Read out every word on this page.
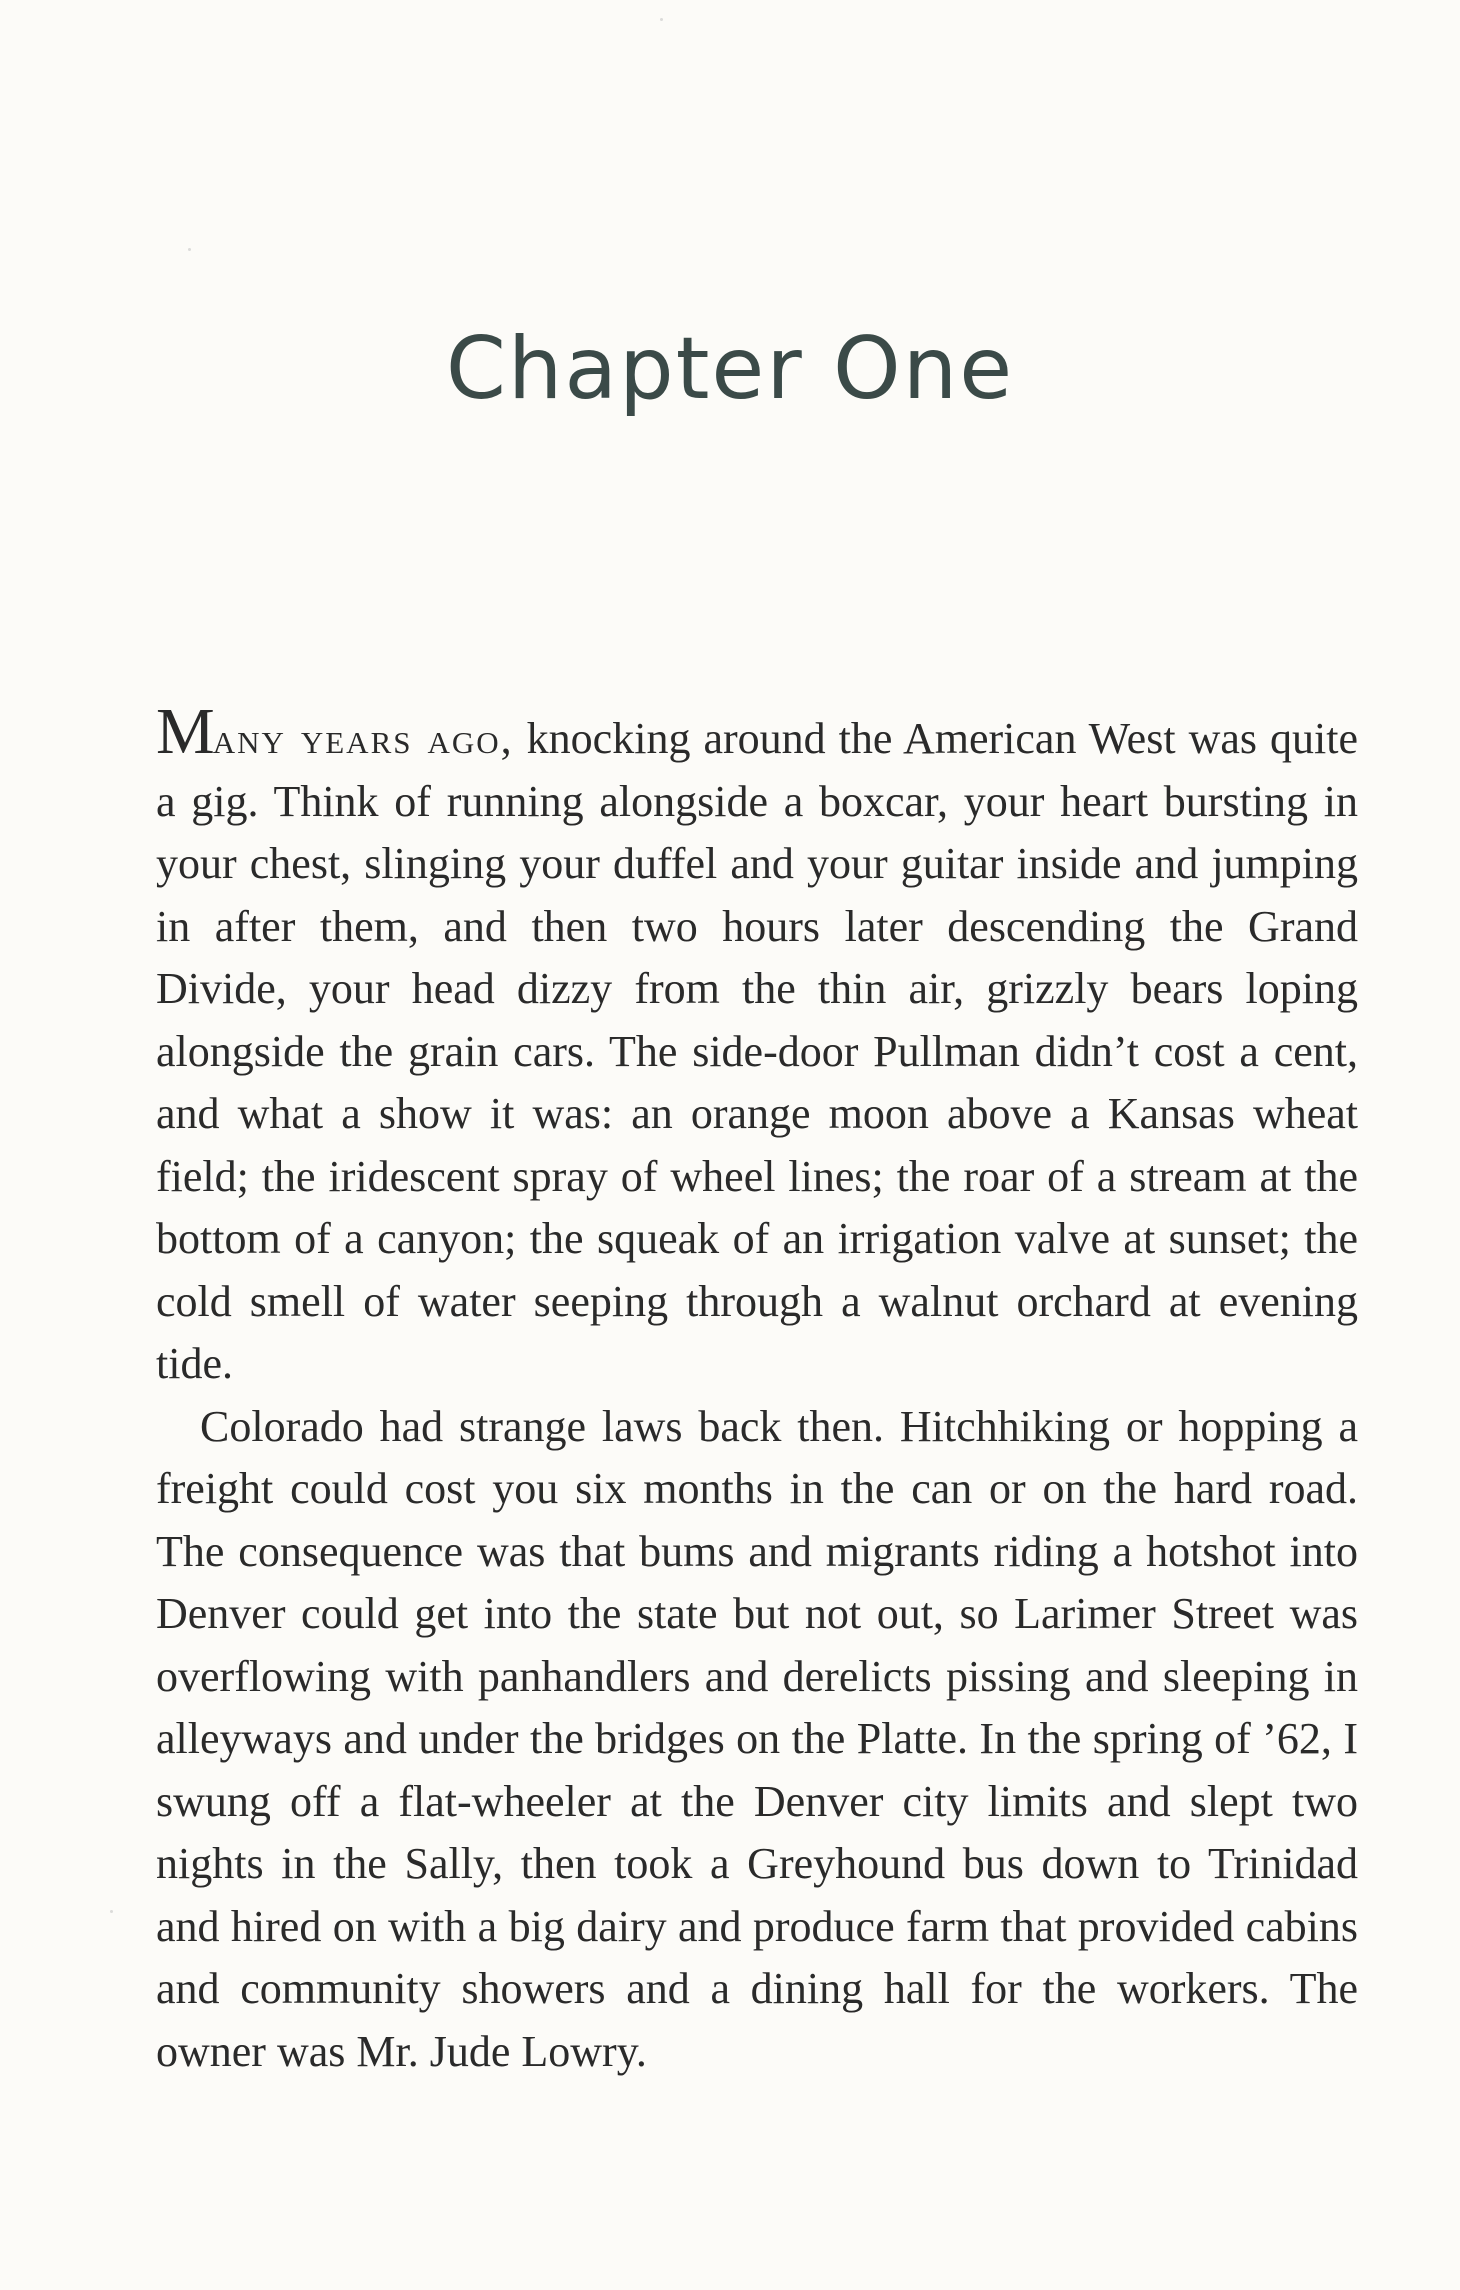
Chapter One

Many years ago, knocking around the American West was quite a gig. Think of running alongside a boxcar, your heart bursting in your chest, slinging your duffel and your guitar inside and jumping in after them, and then two hours later descending the Grand Divide, your head dizzy from the thin air, grizzly bears loping alongside the grain cars. The side-door Pullman didn’t cost a cent, and what a show it was: an orange moon above a Kansas wheat field; the iridescent spray of wheel lines; the roar of a stream at the bottom of a canyon; the squeak of an irrigation valve at sunset; the cold smell of water seeping through a walnut orchard at evening tide.

Colorado had strange laws back then. Hitchhiking or hopping a freight could cost you six months in the can or on the hard road. The consequence was that bums and migrants riding a hotshot into Denver could get into the state but not out, so Larimer Street was overflowing with panhandlers and derelicts pissing and sleeping in alleyways and under the bridges on the Platte. In the spring of ’62, I swung off a flat-wheeler at the Denver city limits and slept two nights in the Sally, then took a Greyhound bus down to Trinidad and hired on with a big dairy and produce farm that provided cabins and community showers and a dining hall for the workers. The owner was Mr. Jude Lowry.
